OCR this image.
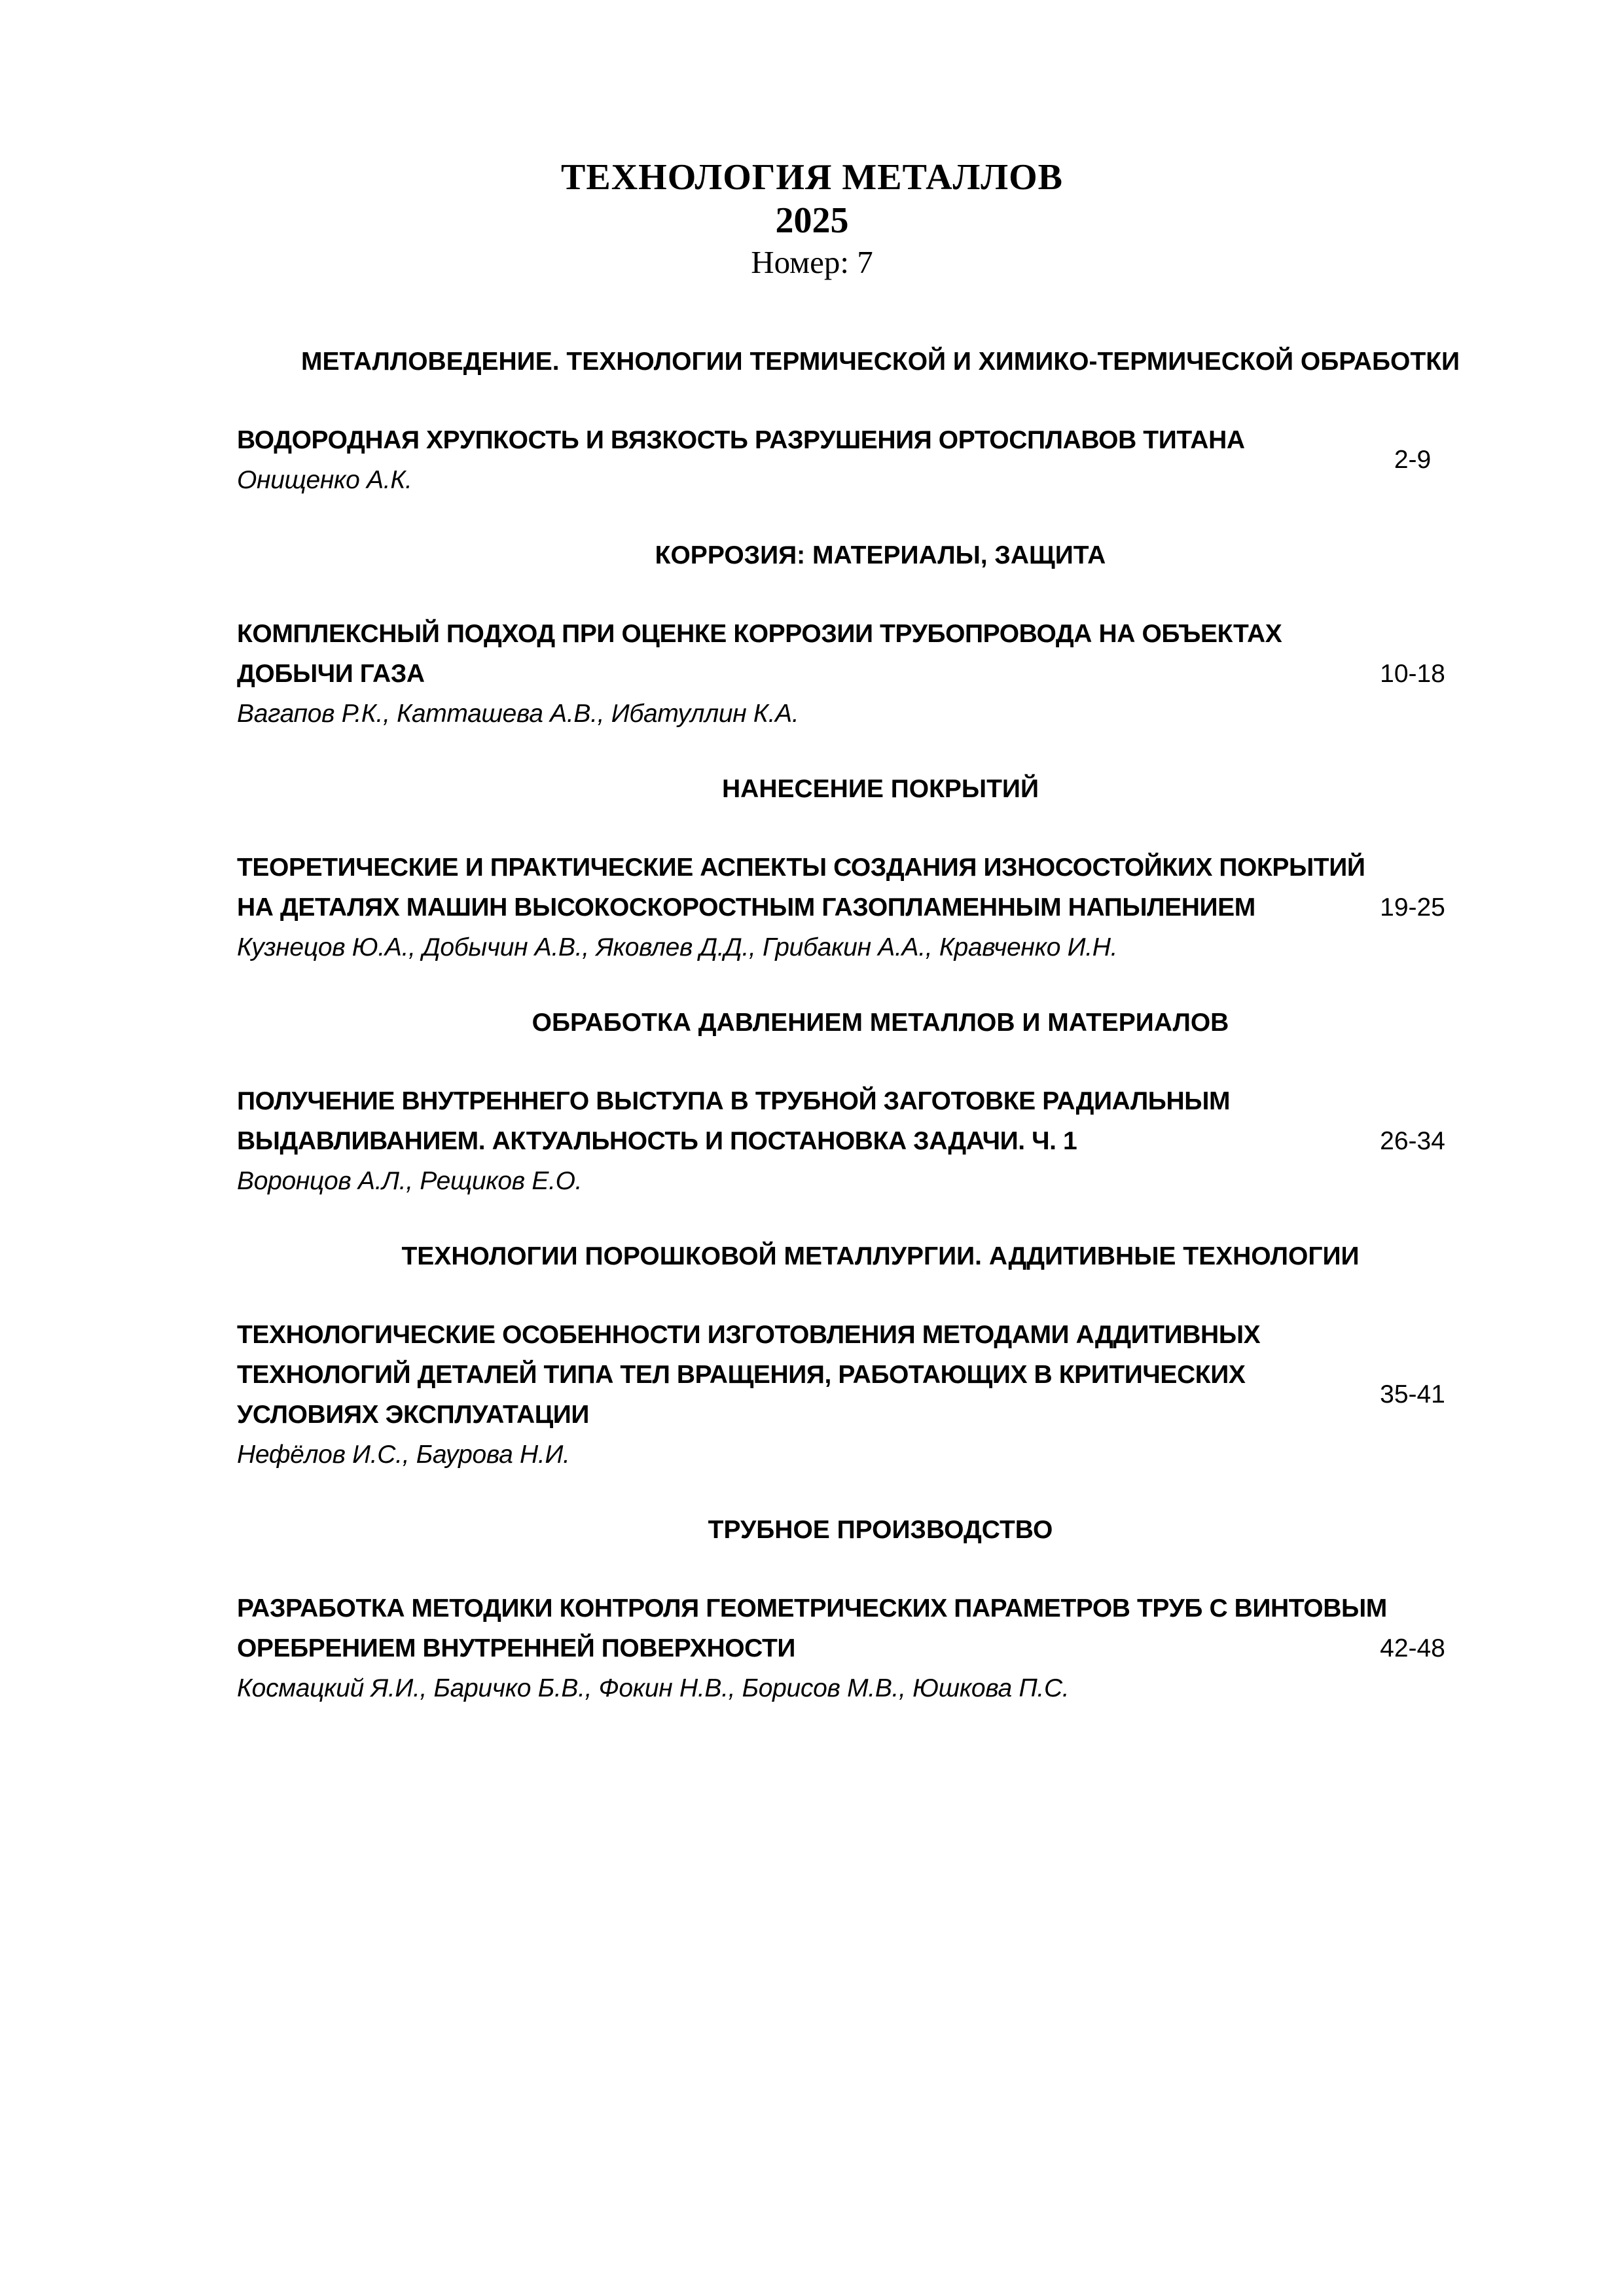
ТЕХНОЛОГИЯ МЕТАЛЛОВ
2025
Номер: 7
МЕТАЛЛОВЕДЕНИЕ. ТЕХНОЛОГИИ ТЕРМИЧЕСКОЙ И ХИМИКО-ТЕРМИЧЕСКОЙ ОБРАБОТКИ
ВОДОРОДНАЯ ХРУПКОСТЬ И ВЯЗКОСТЬ РАЗРУШЕНИЯ ОРТОСПЛАВОВ ТИТАНА
Онищенко А.К.
2-9
КОРРОЗИЯ: МАТЕРИАЛЫ, ЗАЩИТА
КОМПЛЕКСНЫЙ ПОДХОД ПРИ ОЦЕНКЕ КОРРОЗИИ ТРУБОПРОВОДА НА ОБЪЕКТАХ ДОБЫЧИ ГАЗА
Вагапов Р.К., Катташева А.В., Ибатуллин К.А.
10-18
НАНЕСЕНИЕ ПОКРЫТИЙ
ТЕОРЕТИЧЕСКИЕ И ПРАКТИЧЕСКИЕ АСПЕКТЫ СОЗДАНИЯ ИЗНОСОСТОЙКИХ ПОКРЫТИЙ НА ДЕТАЛЯХ МАШИН ВЫСОКОСКОРОСТНЫМ ГАЗОПЛАМЕННЫМ НАПЫЛЕНИЕМ
Кузнецов Ю.А., Добычин А.В., Яковлев Д.Д., Грибакин А.А., Кравченко И.Н.
19-25
ОБРАБОТКА ДАВЛЕНИЕМ МЕТАЛЛОВ И МАТЕРИАЛОВ
ПОЛУЧЕНИЕ ВНУТРЕННЕГО ВЫСТУПА В ТРУБНОЙ ЗАГОТОВКЕ РАДИАЛЬНЫМ ВЫДАВЛИВАНИЕМ. АКТУАЛЬНОСТЬ И ПОСТАНОВКА ЗАДАЧИ. Ч. 1
Воронцов А.Л., Рещиков Е.О.
26-34
ТЕХНОЛОГИИ ПОРОШКОВОЙ МЕТАЛЛУРГИИ. АДДИТИВНЫЕ ТЕХНОЛОГИИ
ТЕХНОЛОГИЧЕСКИЕ ОСОБЕННОСТИ ИЗГОТОВЛЕНИЯ МЕТОДАМИ АДДИТИВНЫХ ТЕХНОЛОГИЙ ДЕТАЛЕЙ ТИПА ТЕЛ ВРАЩЕНИЯ, РАБОТАЮЩИХ В КРИТИЧЕСКИХ УСЛОВИЯХ ЭКСПЛУАТАЦИИ
Нефёлов И.С., Баурова Н.И.
35-41
ТРУБНОЕ ПРОИЗВОДСТВО
РАЗРАБОТКА МЕТОДИКИ КОНТРОЛЯ ГЕОМЕТРИЧЕСКИХ ПАРАМЕТРОВ ТРУБ С ВИНТОВЫМ ОРЕБРЕНИЕМ ВНУТРЕННЕЙ ПОВЕРХНОСТИ
Космацкий Я.И., Баричко Б.В., Фокин Н.В., Борисов М.В., Юшкова П.С.
42-48
